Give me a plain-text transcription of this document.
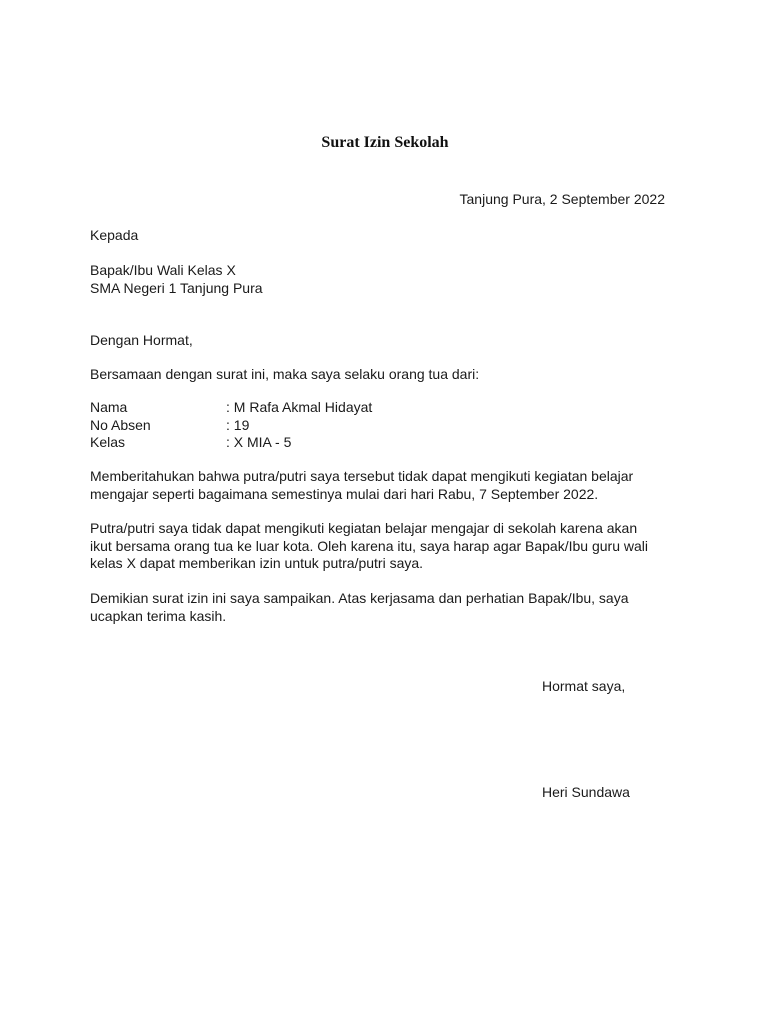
Surat Izin Sekolah
Tanjung Pura, 2 September 2022
Kepada
Bapak/Ibu Wali Kelas X
SMA Negeri 1 Tanjung Pura
Dengan Hormat,
Bersamaan dengan surat ini, maka saya selaku orang tua dari:
Nama	: M Rafa Akmal Hidayat
No Absen	: 19
Kelas	: X MIA - 5
Memberitahukan bahwa putra/putri saya tersebut tidak dapat mengikuti kegiatan belajar
mengajar seperti bagaimana semestinya mulai dari hari Rabu, 7 September 2022.
Putra/putri saya tidak dapat mengikuti kegiatan belajar mengajar di sekolah karena akan
ikut bersama orang tua ke luar kota. Oleh karena itu, saya harap agar Bapak/Ibu guru wali
kelas X dapat memberikan izin untuk putra/putri saya.
Demikian surat izin ini saya sampaikan. Atas kerjasama dan perhatian Bapak/Ibu, saya
ucapkan terima kasih.
Hormat saya,
Heri Sundawa
